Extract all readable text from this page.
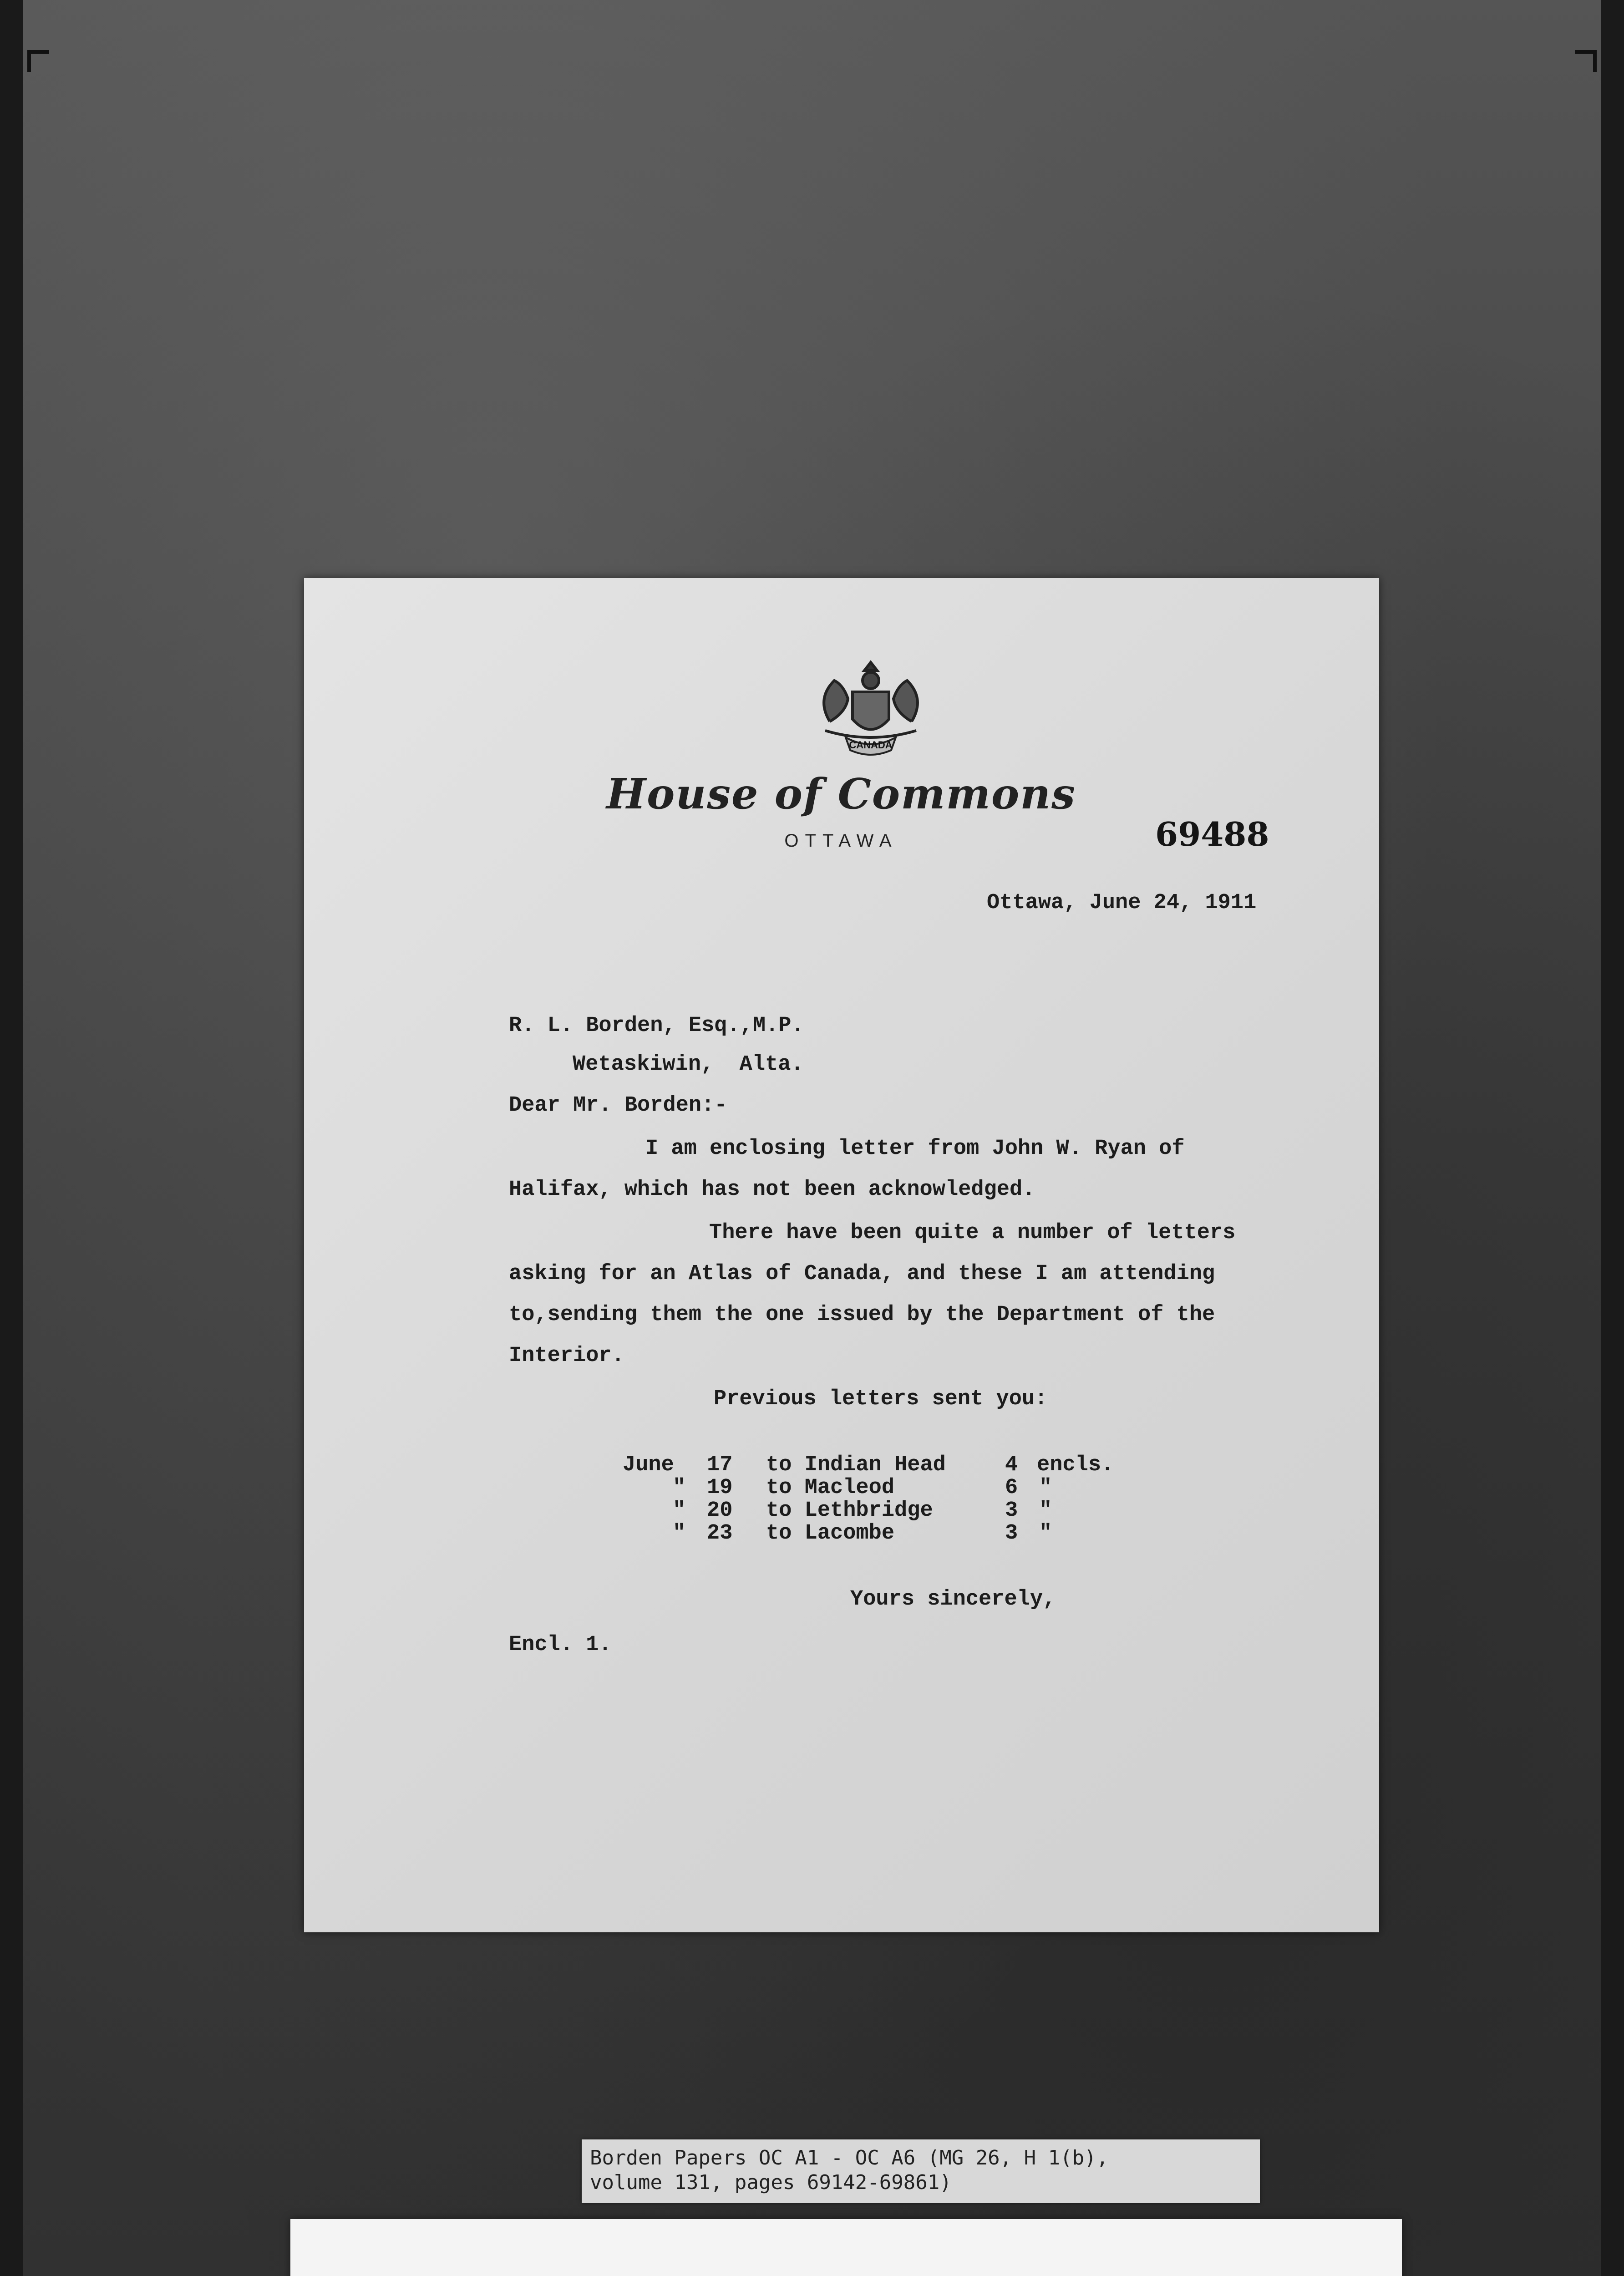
CANADA
House of Commons
OTTAWA	69488
Ottawa, June 24, 1911
R. L. Borden, Esq.,M.P.
Wetaskiwin,  Alta.
Dear Mr. Borden:-
I am enclosing letter from John W. Ryan of
Halifax, which has not been acknowledged.
There have been quite a number of letters
asking for an Atlas of Canada, and these I am attending
to,sending them the one issued by the Department of the
Interior.
Previous letters sent you:
June 17 to Indian Head	4 encls.
" 19 to Macleod	6 "
" 20 to Lethbridge	3 "
" 23 to Lacombe	3 "
Yours sincerely,
Encl. 1.
Borden Papers OC A1 - OC A6 (MG 26, H 1(b),
volume 131, pages 69142-69861)
